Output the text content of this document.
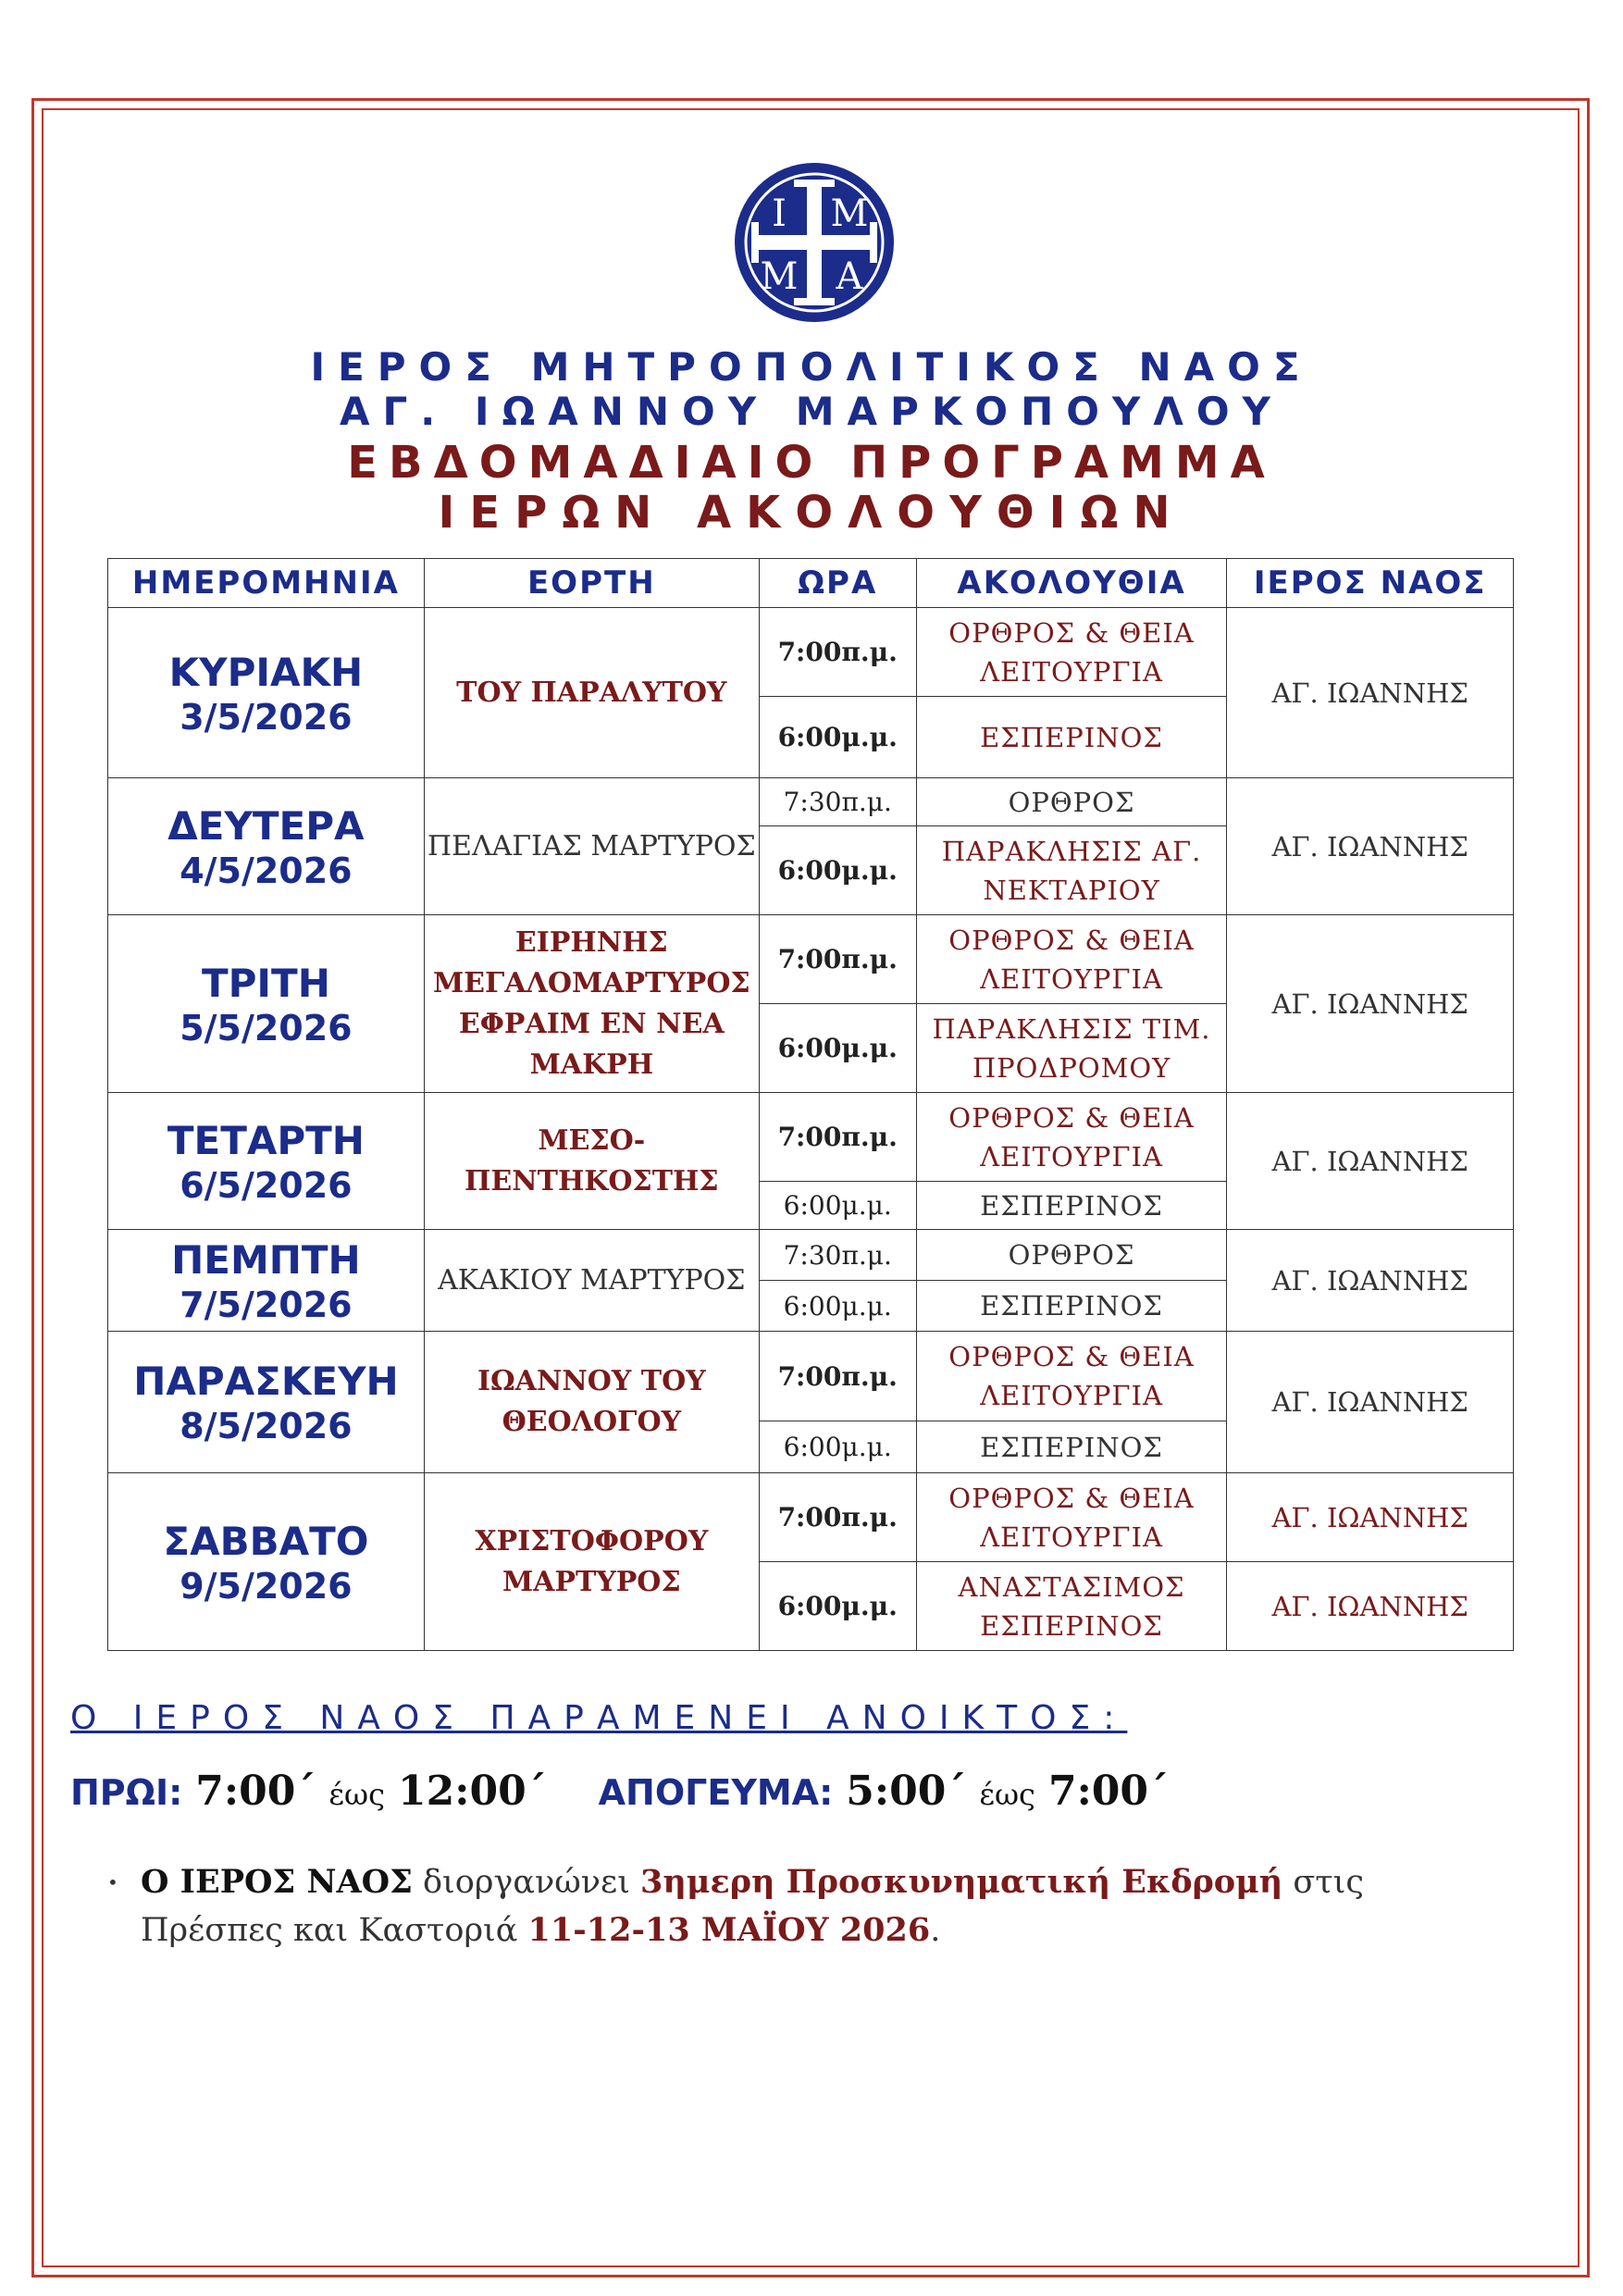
Ι Μ
Μ Α
ΙΕΡΟΣ ΜΗΤΡΟΠΟΛΙΤΙΚΟΣ ΝΑΟΣ
ΑΓ. ΙΩΑΝΝΟΥ ΜΑΡΚΟΠΟΥΛΟΥ
ΕΒΔΟΜΑΔΙΑΙΟ ΠΡΟΓΡΑΜΜΑ
ΙΕΡΩΝ ΑΚΟΛΟΥΘΙΩΝ
ΗΜΕΡΟΜΗΝΙΑ	ΕΟΡΤΗ	ΩΡΑ	ΑΚΟΛΟΥΘΙΑ	ΙΕΡΟΣ ΝΑΟΣ

ΚΥΡΙΑΚΗ
3/5/2026	ΤΟΥ ΠΑΡΑΛΥΤΟΥ	7:00π.μ.	ΟΡΘΡΟΣ & ΘΕΙΑ ΛΕΙΤΟΥΡΓΙΑ	ΑΓ. ΙΩΑΝΝΗΣ
		6:00μ.μ.	ΕΣΠΕΡΙΝΟΣ	

ΔΕΥΤΕΡΑ
4/5/2026	ΠΕΛΑΓΙΑΣ ΜΑΡΤΥΡΟΣ	7:30π.μ.	ΟΡΘΡΟΣ	ΑΓ. ΙΩΑΝΝΗΣ
		6:00μ.μ.	ΠΑΡΑΚΛΗΣΙΣ ΑΓ. ΝΕΚΤΑΡΙΟΥ	

ΤΡΙΤΗ
5/5/2026	ΕΙΡΗΝΗΣ ΜΕΓΑΛΟΜΑΡΤΥΡΟΣ ΕΦΡΑΙΜ ΕΝ ΝΕΑ ΜΑΚΡΗ	7:00π.μ.	ΟΡΘΡΟΣ & ΘΕΙΑ ΛΕΙΤΟΥΡΓΙΑ	ΑΓ. ΙΩΑΝΝΗΣ
		6:00μ.μ.	ΠΑΡΑΚΛΗΣΙΣ ΤΙΜ. ΠΡΟΔΡΟΜΟΥ	

ΤΕΤΑΡΤΗ
6/5/2026	ΜΕΣΟ- ΠΕΝΤΗΚΟΣΤΗΣ	7:00π.μ.	ΟΡΘΡΟΣ & ΘΕΙΑ ΛΕΙΤΟΥΡΓΙΑ	ΑΓ. ΙΩΑΝΝΗΣ
		6:00μ.μ.	ΕΣΠΕΡΙΝΟΣ	

ΠΕΜΠΤΗ
7/5/2026	ΑΚΑΚΙΟΥ ΜΑΡΤΥΡΟΣ	7:30π.μ.	ΟΡΘΡΟΣ	ΑΓ. ΙΩΑΝΝΗΣ
		6:00μ.μ.	ΕΣΠΕΡΙΝΟΣ	

ΠΑΡΑΣΚΕΥΗ
8/5/2026	ΙΩΑΝΝΟΥ ΤΟΥ ΘΕΟΛΟΓΟΥ	7:00π.μ.	ΟΡΘΡΟΣ & ΘΕΙΑ ΛΕΙΤΟΥΡΓΙΑ	ΑΓ. ΙΩΑΝΝΗΣ
		6:00μ.μ.	ΕΣΠΕΡΙΝΟΣ	

ΣΑΒΒΑΤΟ
9/5/2026	ΧΡΙΣΤΟΦΟΡΟΥ ΜΑΡΤΥΡΟΣ	7:00π.μ.	ΟΡΘΡΟΣ & ΘΕΙΑ ΛΕΙΤΟΥΡΓΙΑ	ΑΓ. ΙΩΑΝΝΗΣ
		6:00μ.μ.	ΑΝΑΣΤΑΣΙΜΟΣ ΕΣΠΕΡΙΝΟΣ	ΑΓ. ΙΩΑΝΝΗΣ
Ο ΙΕΡΟΣ ΝΑΟΣ ΠΑΡΑΜΕΝΕΙ ΑΝΟΙΚΤΟΣ:
ΠΡΩΙ: 7:00΄ έως 12:00΄ ΑΠΟΓΕΥΜΑ: 5:00΄ έως 7:00΄
• Ο ΙΕΡΟΣ ΝΑΟΣ διοργανώνει 3ημερη Προσκυνηματική Εκδρομή στις Πρέσπες και Καστοριά 11-12-13 ΜΑΪΟΥ 2026.
